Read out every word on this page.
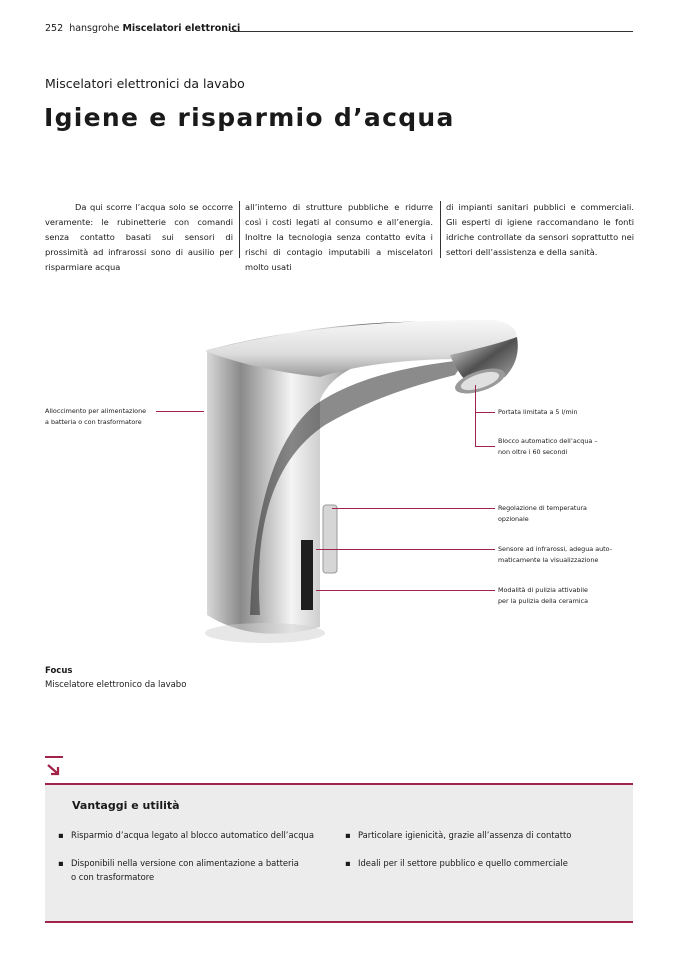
252 hansgrohe Miscelatori elettronici
Miscelatori elettronici da lavabo
Igiene e risparmio d’acqua
Da qui scorre l’acqua solo se occorre veramente: le rubinetterie con comandi senza contatto basati sui sensori di prossimità ad infrarossi sono di ausilio per risparmiare acqua
all’interno di strutture pubbliche e ridurre così i costi legati al consumo e all’energia. Inoltre la tecnologia senza contatto evita i rischi di contagio imputabili a miscelatori molto usati
di impianti sanitari pubblici e commerciali. Gli esperti di igiene raccomandano le fonti idriche controllate da sensori soprattutto nei settori dell’assistenza e della sanità.
Alloccimento per alimentazione
a batteria o con trasformatore
Portata limitata a 5 l/min
Blocco automatico dell’acqua –
non oltre i 60 secondi
Regolazione di temperatura
opzionale
Sensore ad infrarossi, adegua auto-
maticamente la visualizzazione
Modalità di pulizia attivabile
per la pulizia della ceramica
Focus
Miscelatore elettronico da lavabo
Vantaggi e utilità
▪ Risparmio d’acqua legato al blocco automatico dell’acqua
▪ Disponibili nella versione con alimentazione a batteria
o con trasformatore
▪ Particolare igienicità, grazie all’assenza di contatto
▪ Ideali per il settore pubblico e quello commerciale
